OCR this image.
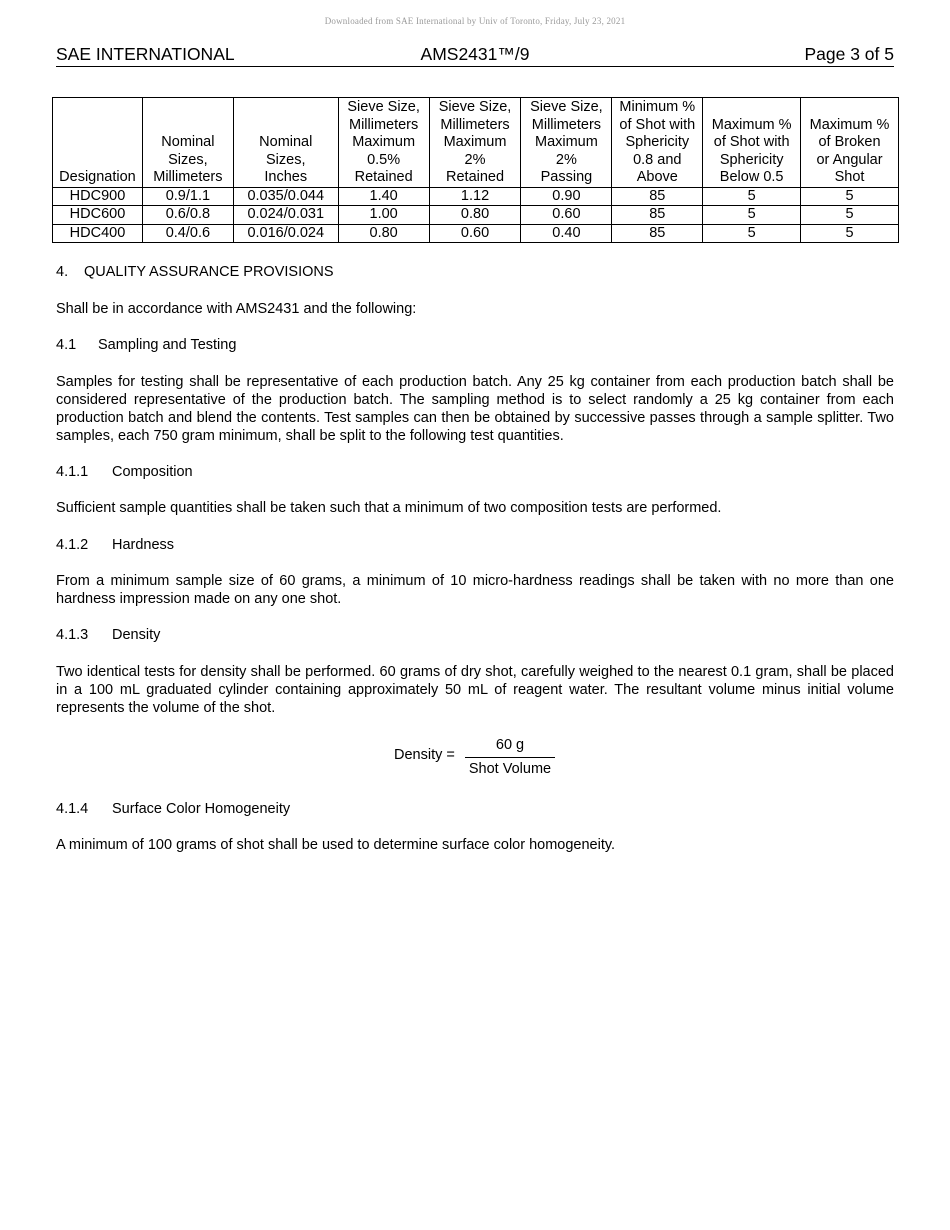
Downloaded from SAE International by Univ of Toronto, Friday, July 23, 2021
SAE INTERNATIONAL	AMS2431™/9	Page 3 of 5
Designation	Nominal
Sizes,
Millimeters	Nominal
Sizes,
Inches	Sieve Size,
Millimeters
Maximum
0.5%
Retained	Sieve Size,
Millimeters
Maximum
2%
Retained	Sieve Size,
Millimeters
Maximum
2%
Passing	Minimum %
of Shot with
Sphericity
0.8 and
Above	Maximum %
of Shot with
Sphericity
Below 0.5	Maximum %
of Broken
or Angular
Shot
HDC900	0.9/1.1	0.035/0.044	1.40	1.12	0.90	85	5	5
HDC600	0.6/0.8	0.024/0.031	1.00	0.80	0.60	85	5	5
HDC400	0.4/0.6	0.016/0.024	0.80	0.60	0.40	85	5	5
4. QUALITY ASSURANCE PROVISIONS
Shall be in accordance with AMS2431 and the following:
4.1 Sampling and Testing
Samples for testing shall be representative of each production batch. Any 25 kg container from each production batch shall be considered representative of the production batch. The sampling method is to select randomly a 25 kg container from each production batch and blend the contents. Test samples can then be obtained by successive passes through a sample splitter. Two samples, each 750 gram minimum, shall be split to the following test quantities.
4.1.1 Composition
Sufficient sample quantities shall be taken such that a minimum of two composition tests are performed.
4.1.2 Hardness
From a minimum sample size of 60 grams, a minimum of 10 micro-hardness readings shall be taken with no more than one hardness impression made on any one shot.
4.1.3 Density
Two identical tests for density shall be performed. 60 grams of dry shot, carefully weighed to the nearest 0.1 gram, shall be placed in a 100 mL graduated cylinder containing approximately 50 mL of reagent water. The resultant volume minus initial volume represents the volume of the shot.
Density =
60 g
Shot Volume
4.1.4 Surface Color Homogeneity
A minimum of 100 grams of shot shall be used to determine surface color homogeneity.
